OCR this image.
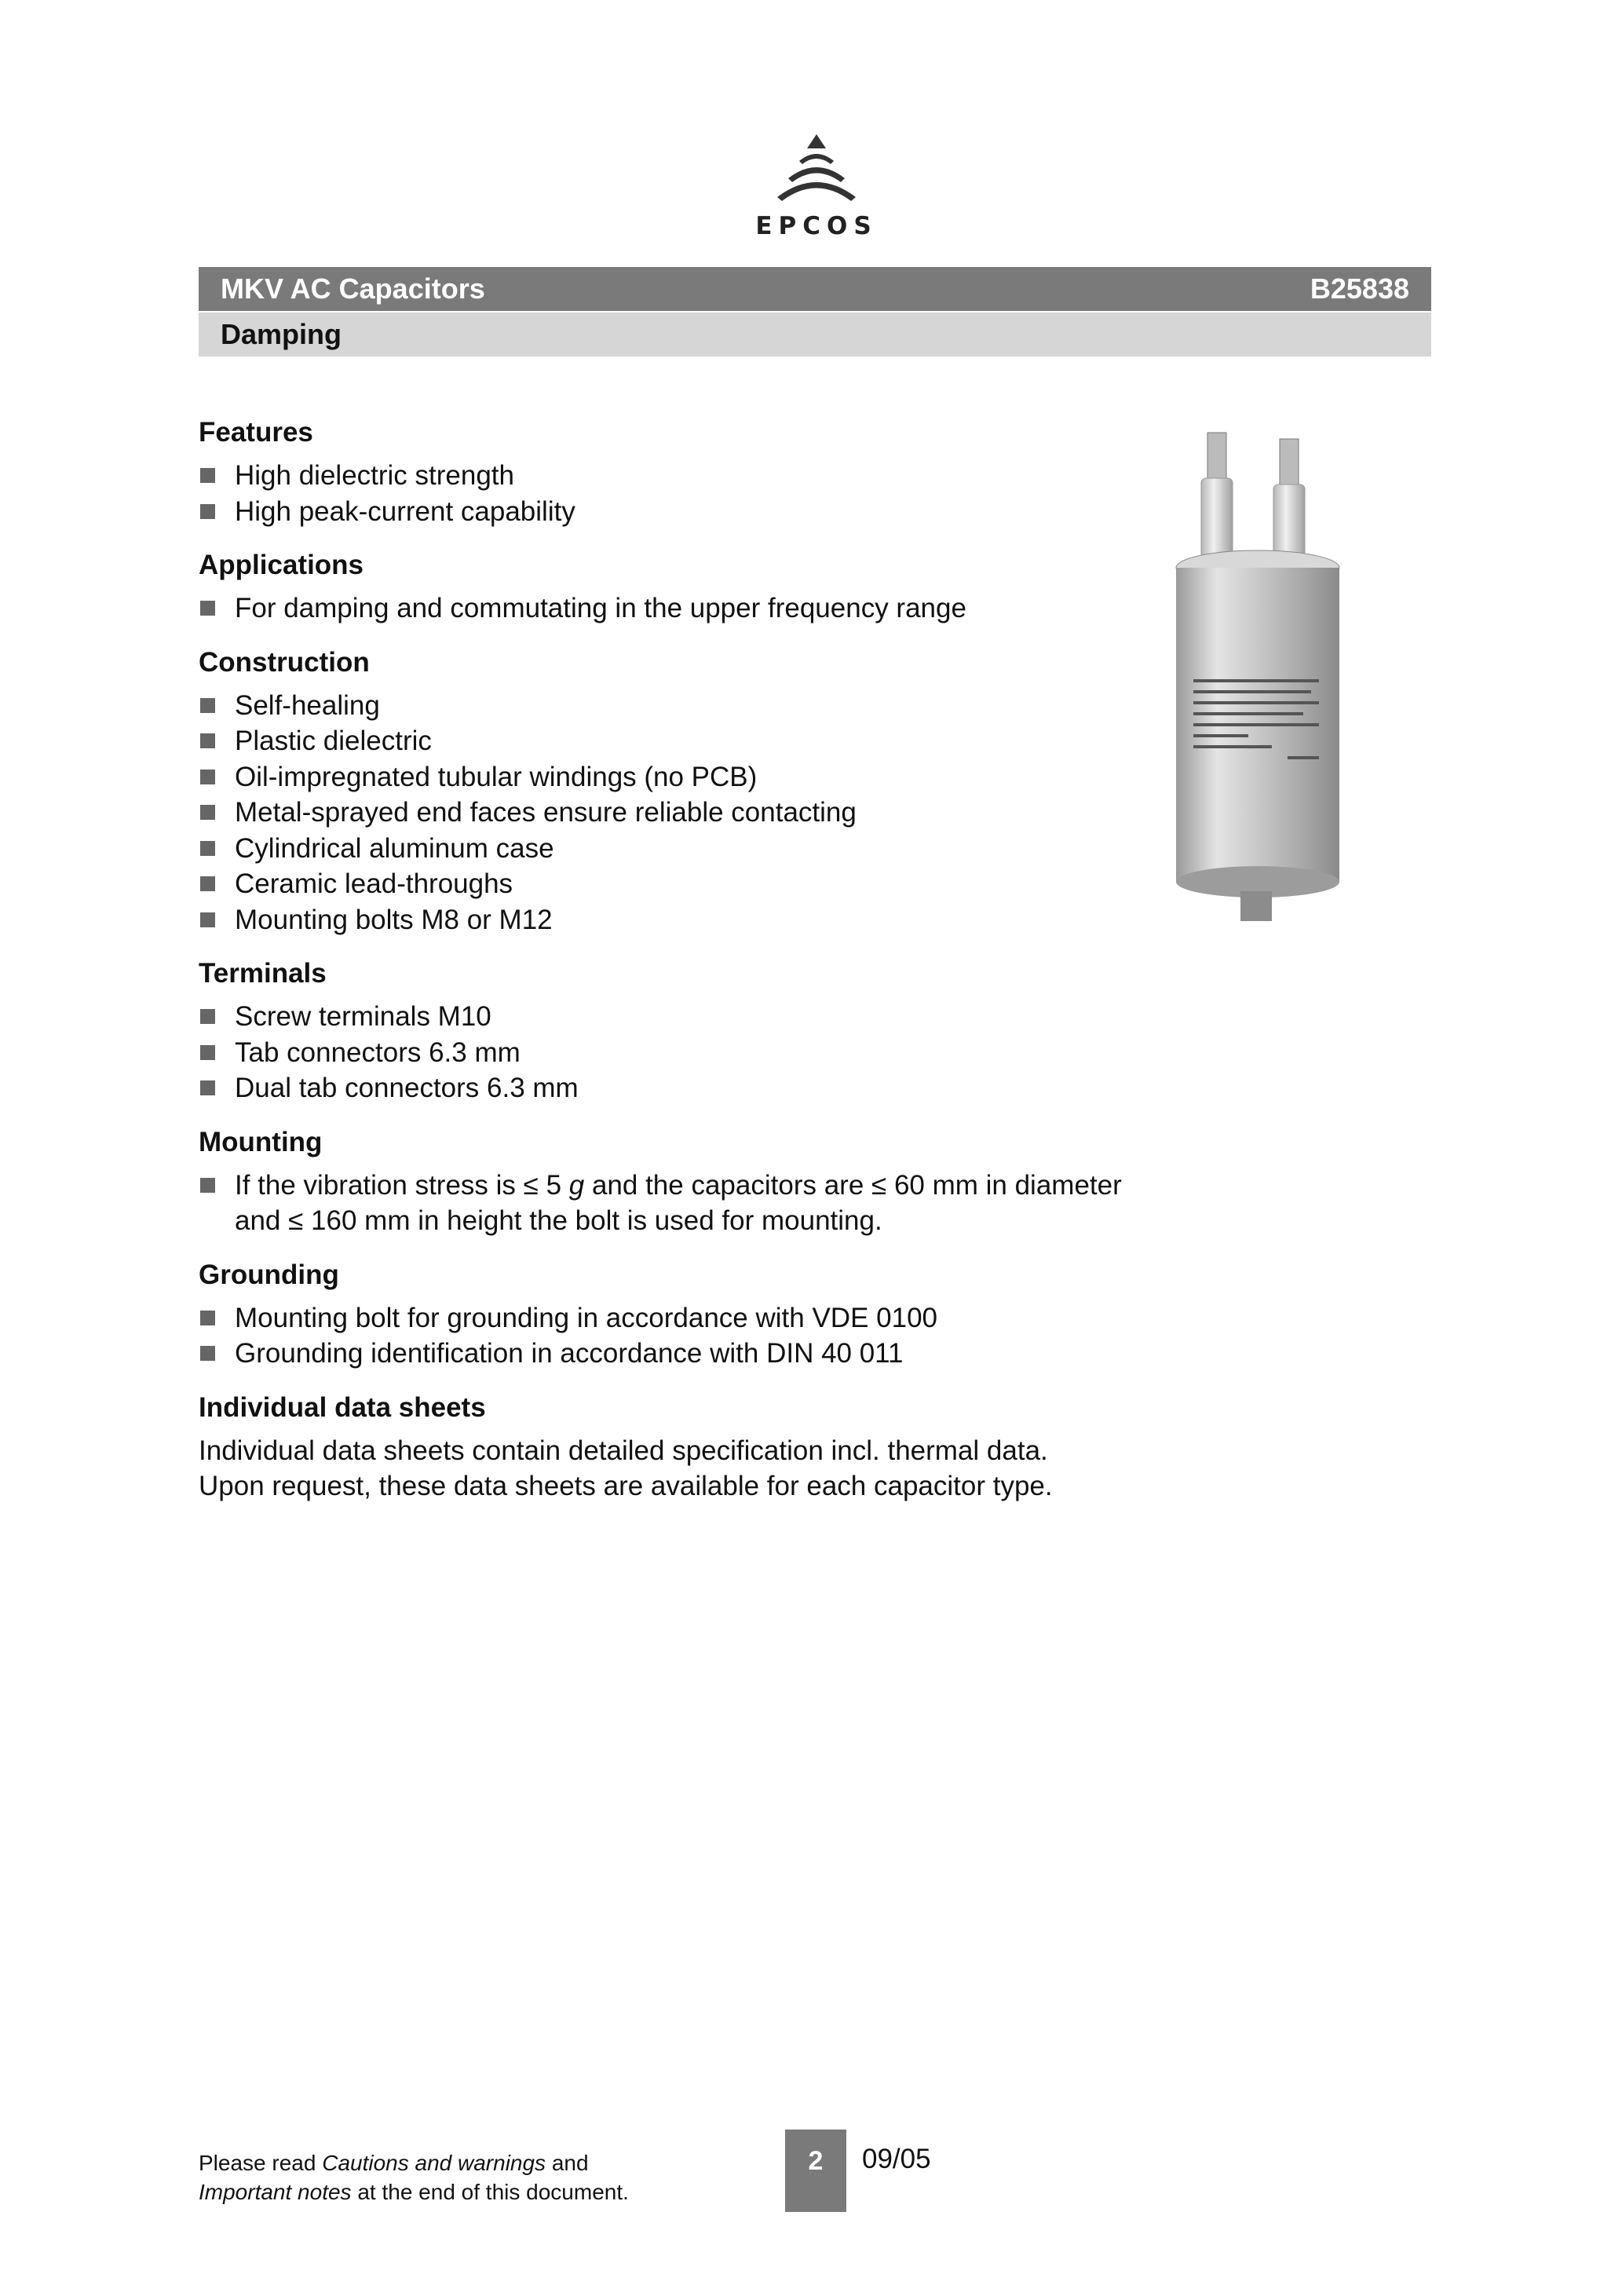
EPCOS
MKV AC Capacitors	B25838
Damping
Features
High dielectric strength
High peak-current capability
Applications
For damping and commutating in the upper frequency range
Construction
Self-healing
Plastic dielectric
Oil-impregnated tubular windings (no PCB)
Metal-sprayed end faces ensure reliable contacting
Cylindrical aluminum case
Ceramic lead-throughs
Mounting bolts M8 or M12
Terminals
Screw terminals M10
Tab connectors 6.3 mm
Dual tab connectors 6.3 mm
Mounting
If the vibration stress is ≤ 5 g and the capacitors are ≤ 60 mm in diameter
and ≤ 160 mm in height the bolt is used for mounting.
Grounding
Mounting bolt for grounding in accordance with VDE 0100
Grounding identification in accordance with DIN 40 011
Individual data sheets

Individual data sheets contain detailed specification incl. thermal data.
Upon request, these data sheets are available for each capacitor type.

Please read Cautions and warnings and
Important notes at the end of this document.
2	09/05
